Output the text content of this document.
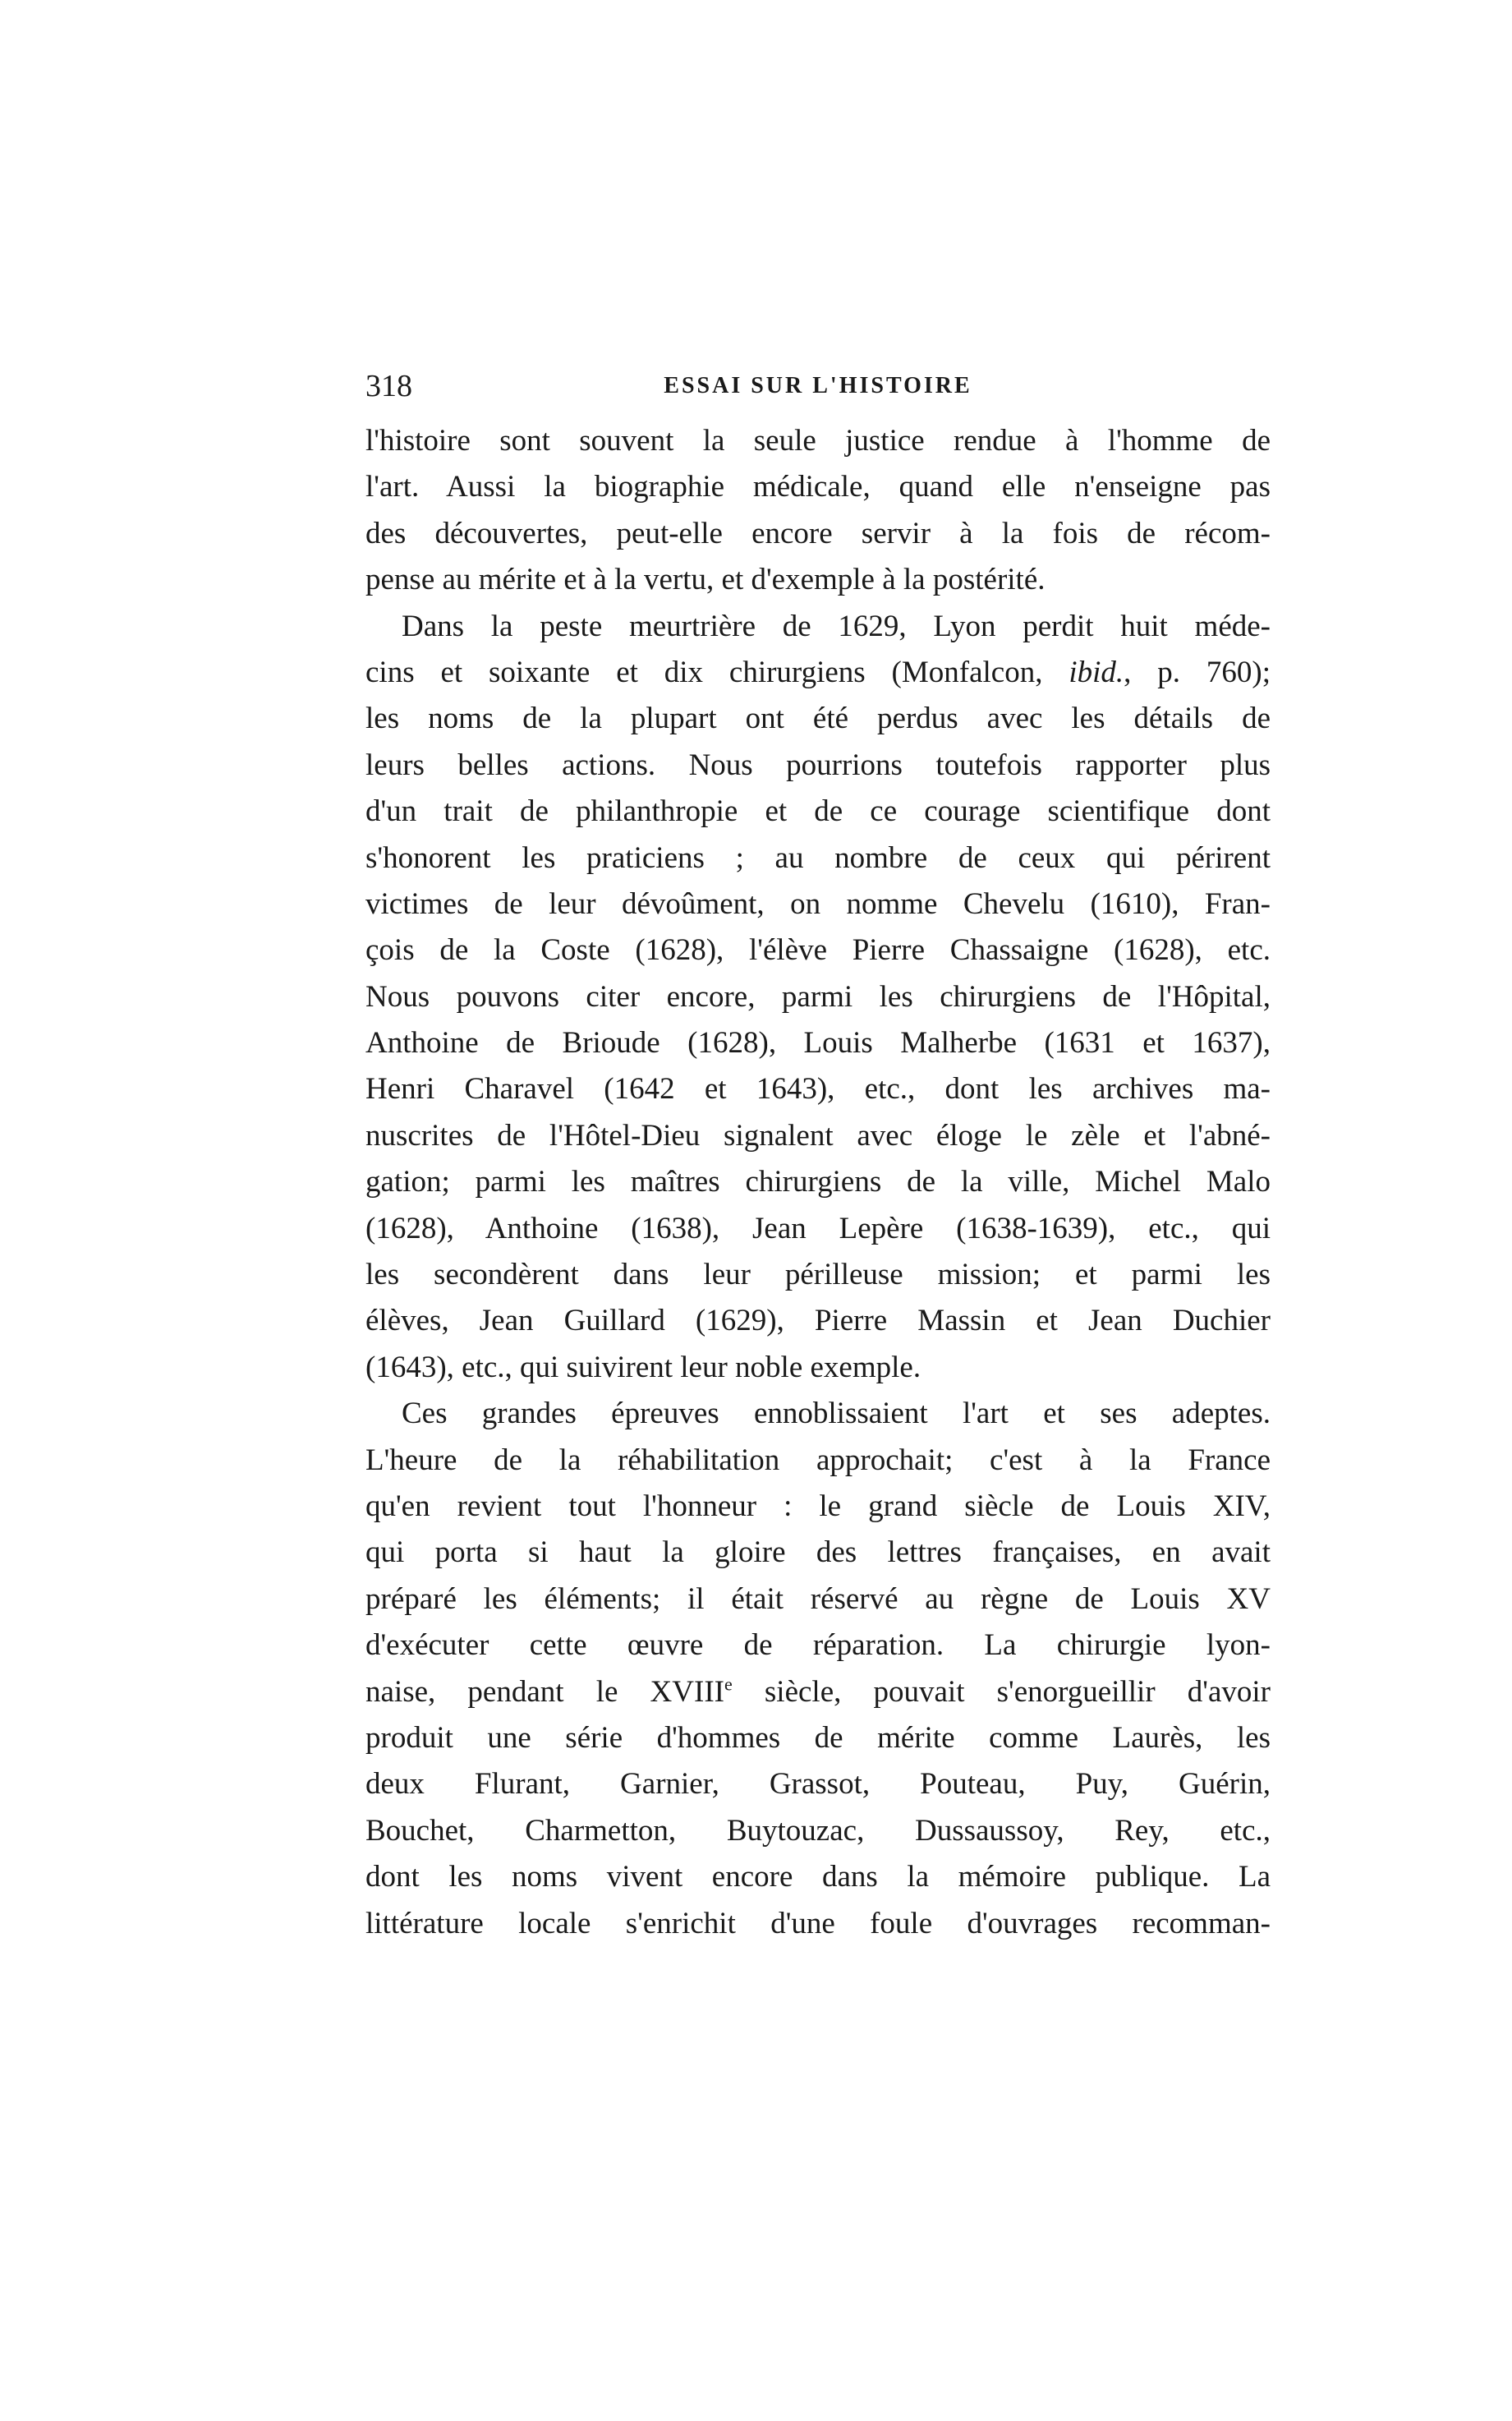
318	ESSAI SUR L'HISTOIRE
l'histoire sont souvent la seule justice rendue à l'homme de
l'art. Aussi la biographie médicale, quand elle n'enseigne pas
des découvertes, peut-elle encore servir à la fois de récom-
pense au mérite et à la vertu, et d'exemple à la postérité.
Dans la peste meurtrière de 1629, Lyon perdit huit méde-
cins et soixante et dix chirurgiens (Monfalcon, ibid., p. 760);
les noms de la plupart ont été perdus avec les détails de
leurs belles actions. Nous pourrions toutefois rapporter plus
d'un trait de philanthropie et de ce courage scientifique dont
s'honorent les praticiens ; au nombre de ceux qui périrent
victimes de leur dévoûment, on nomme Chevelu (1610), Fran-
çois de la Coste (1628), l'élève Pierre Chassaigne (1628), etc.
Nous pouvons citer encore, parmi les chirurgiens de l'Hôpital,
Anthoine de Brioude (1628), Louis Malherbe (1631 et 1637),
Henri Charavel (1642 et 1643), etc., dont les archives ma-
nuscrites de l'Hôtel-Dieu signalent avec éloge le zèle et l'abné-
gation; parmi les maîtres chirurgiens de la ville, Michel Malo
(1628), Anthoine (1638), Jean Lepère (1638-1639), etc., qui
les secondèrent dans leur périlleuse mission; et parmi les
élèves, Jean Guillard (1629), Pierre Massin et Jean Duchier
(1643), etc., qui suivirent leur noble exemple.
Ces grandes épreuves ennoblissaient l'art et ses adeptes.
L'heure de la réhabilitation approchait; c'est à la France
qu'en revient tout l'honneur : le grand siècle de Louis XIV,
qui porta si haut la gloire des lettres françaises, en avait
préparé les éléments; il était réservé au règne de Louis XV
d'exécuter cette œuvre de réparation. La chirurgie lyon-
naise, pendant le XVIIIe siècle, pouvait s'enorgueillir d'avoir
produit une série d'hommes de mérite comme Laurès, les
deux Flurant, Garnier, Grassot, Pouteau, Puy, Guérin,
Bouchet, Charmetton, Buytouzac, Dussaussoy, Rey, etc.,
dont les noms vivent encore dans la mémoire publique. La
littérature locale s'enrichit d'une foule d'ouvrages recomman-
